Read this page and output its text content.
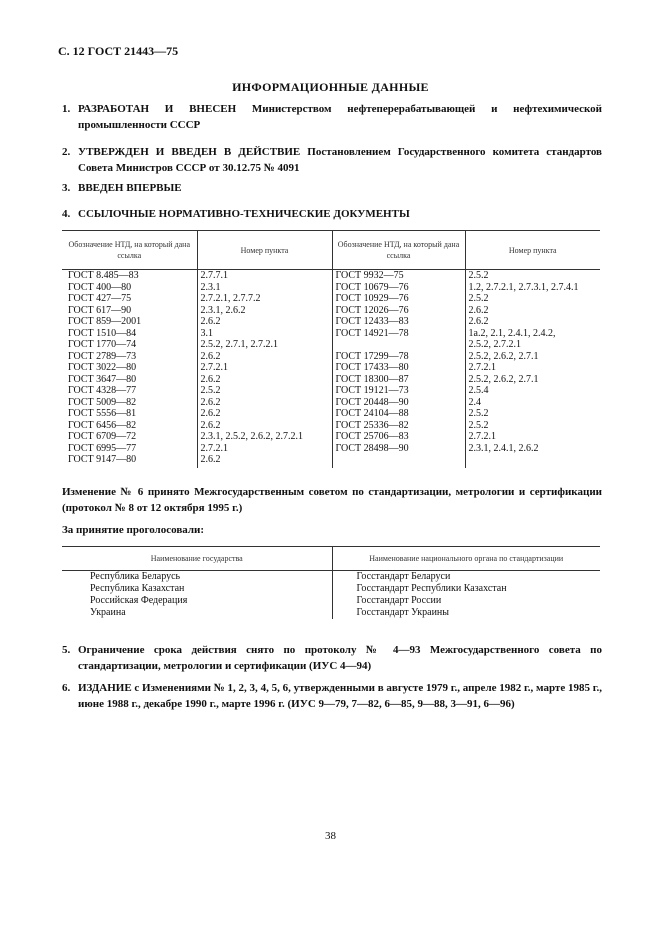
С. 12 ГОСТ 21443—75
ИНФОРМАЦИОННЫЕ ДАННЫЕ
1. РАЗРАБОТАН И ВНЕСЕН Министерством нефтеперерабатывающей и нефтехимической промышленности СССР
2. УТВЕРЖДЕН И ВВЕДЕН В ДЕЙСТВИЕ Постановлением Государственного комитета стандартов Совета Министров СССР от 30.12.75 № 4091
3. ВВЕДЕН ВПЕРВЫЕ
4. ССЫЛОЧНЫЕ НОРМАТИВНО-ТЕХНИЧЕСКИЕ ДОКУМЕНТЫ
Обозначение НТД, на который дана ссылка	Номер пункта	Обозначение НТД, на который дана ссылка	Номер пункта
ГОСТ 8.485—83	2.7.7.1	ГОСТ 9932—75	2.5.2
ГОСТ 400—80	2.3.1	ГОСТ 10679—76	1.2, 2.7.2.1, 2.7.3.1, 2.7.4.1
ГОСТ 427—75	2.7.2.1, 2.7.7.2	ГОСТ 10929—76	2.5.2
ГОСТ 617—90	2.3.1, 2.6.2	ГОСТ 12026—76	2.6.2
ГОСТ 859—2001	2.6.2	ГОСТ 12433—83	2.6.2
ГОСТ 1510—84	3.1	ГОСТ 14921—78	1а.2, 2.1, 2.4.1, 2.4.2,
ГОСТ 1770—74	2.5.2, 2.7.1, 2.7.2.1		2.5.2, 2.7.2.1
ГОСТ 2789—73	2.6.2	ГОСТ 17299—78	2.5.2, 2.6.2, 2.7.1
ГОСТ 3022—80	2.7.2.1	ГОСТ 17433—80	2.7.2.1
ГОСТ 3647—80	2.6.2	ГОСТ 18300—87	2.5.2, 2.6.2, 2.7.1
ГОСТ 4328—77	2.5.2	ГОСТ 19121—73	2.5.4
ГОСТ 5009—82	2.6.2	ГОСТ 20448—90	2.4
ГОСТ 5556—81	2.6.2	ГОСТ 24104—88	2.5.2
ГОСТ 6456—82	2.6.2	ГОСТ 25336—82	2.5.2
ГОСТ 6709—72	2.3.1, 2.5.2, 2.6.2, 2.7.2.1	ГОСТ 25706—83	2.7.2.1
ГОСТ 6995—77	2.7.2.1	ГОСТ 28498—90	2.3.1, 2.4.1, 2.6.2
ГОСТ 9147—80	2.6.2		
Изменение № 6 принято Межгосударственным советом по стандартизации, метрологии и сертификации (протокол № 8 от 12 октября 1995 г.)
За принятие проголосовали:
Наименование государства	Наименование национального органа по стандартизации
Республика Беларусь	Госстандарт Беларуси
Республика Казахстан	Госстандарт Республики Казахстан
Российская Федерация	Госстандарт России
Украина	Госстандарт Украины
5. Ограничение срока действия снято по протоколу № 4—93 Межгосударственного совета по стандартизации, метрологии и сертификации (ИУС 4—94)
6. ИЗДАНИЕ с Изменениями № 1, 2, 3, 4, 5, 6, утвержденными в августе 1979 г., апреле 1982 г., марте 1985 г., июне 1988 г., декабре 1990 г., марте 1996 г. (ИУС 9—79, 7—82, 6—85, 9—88, 3—91, 6—96)
38
